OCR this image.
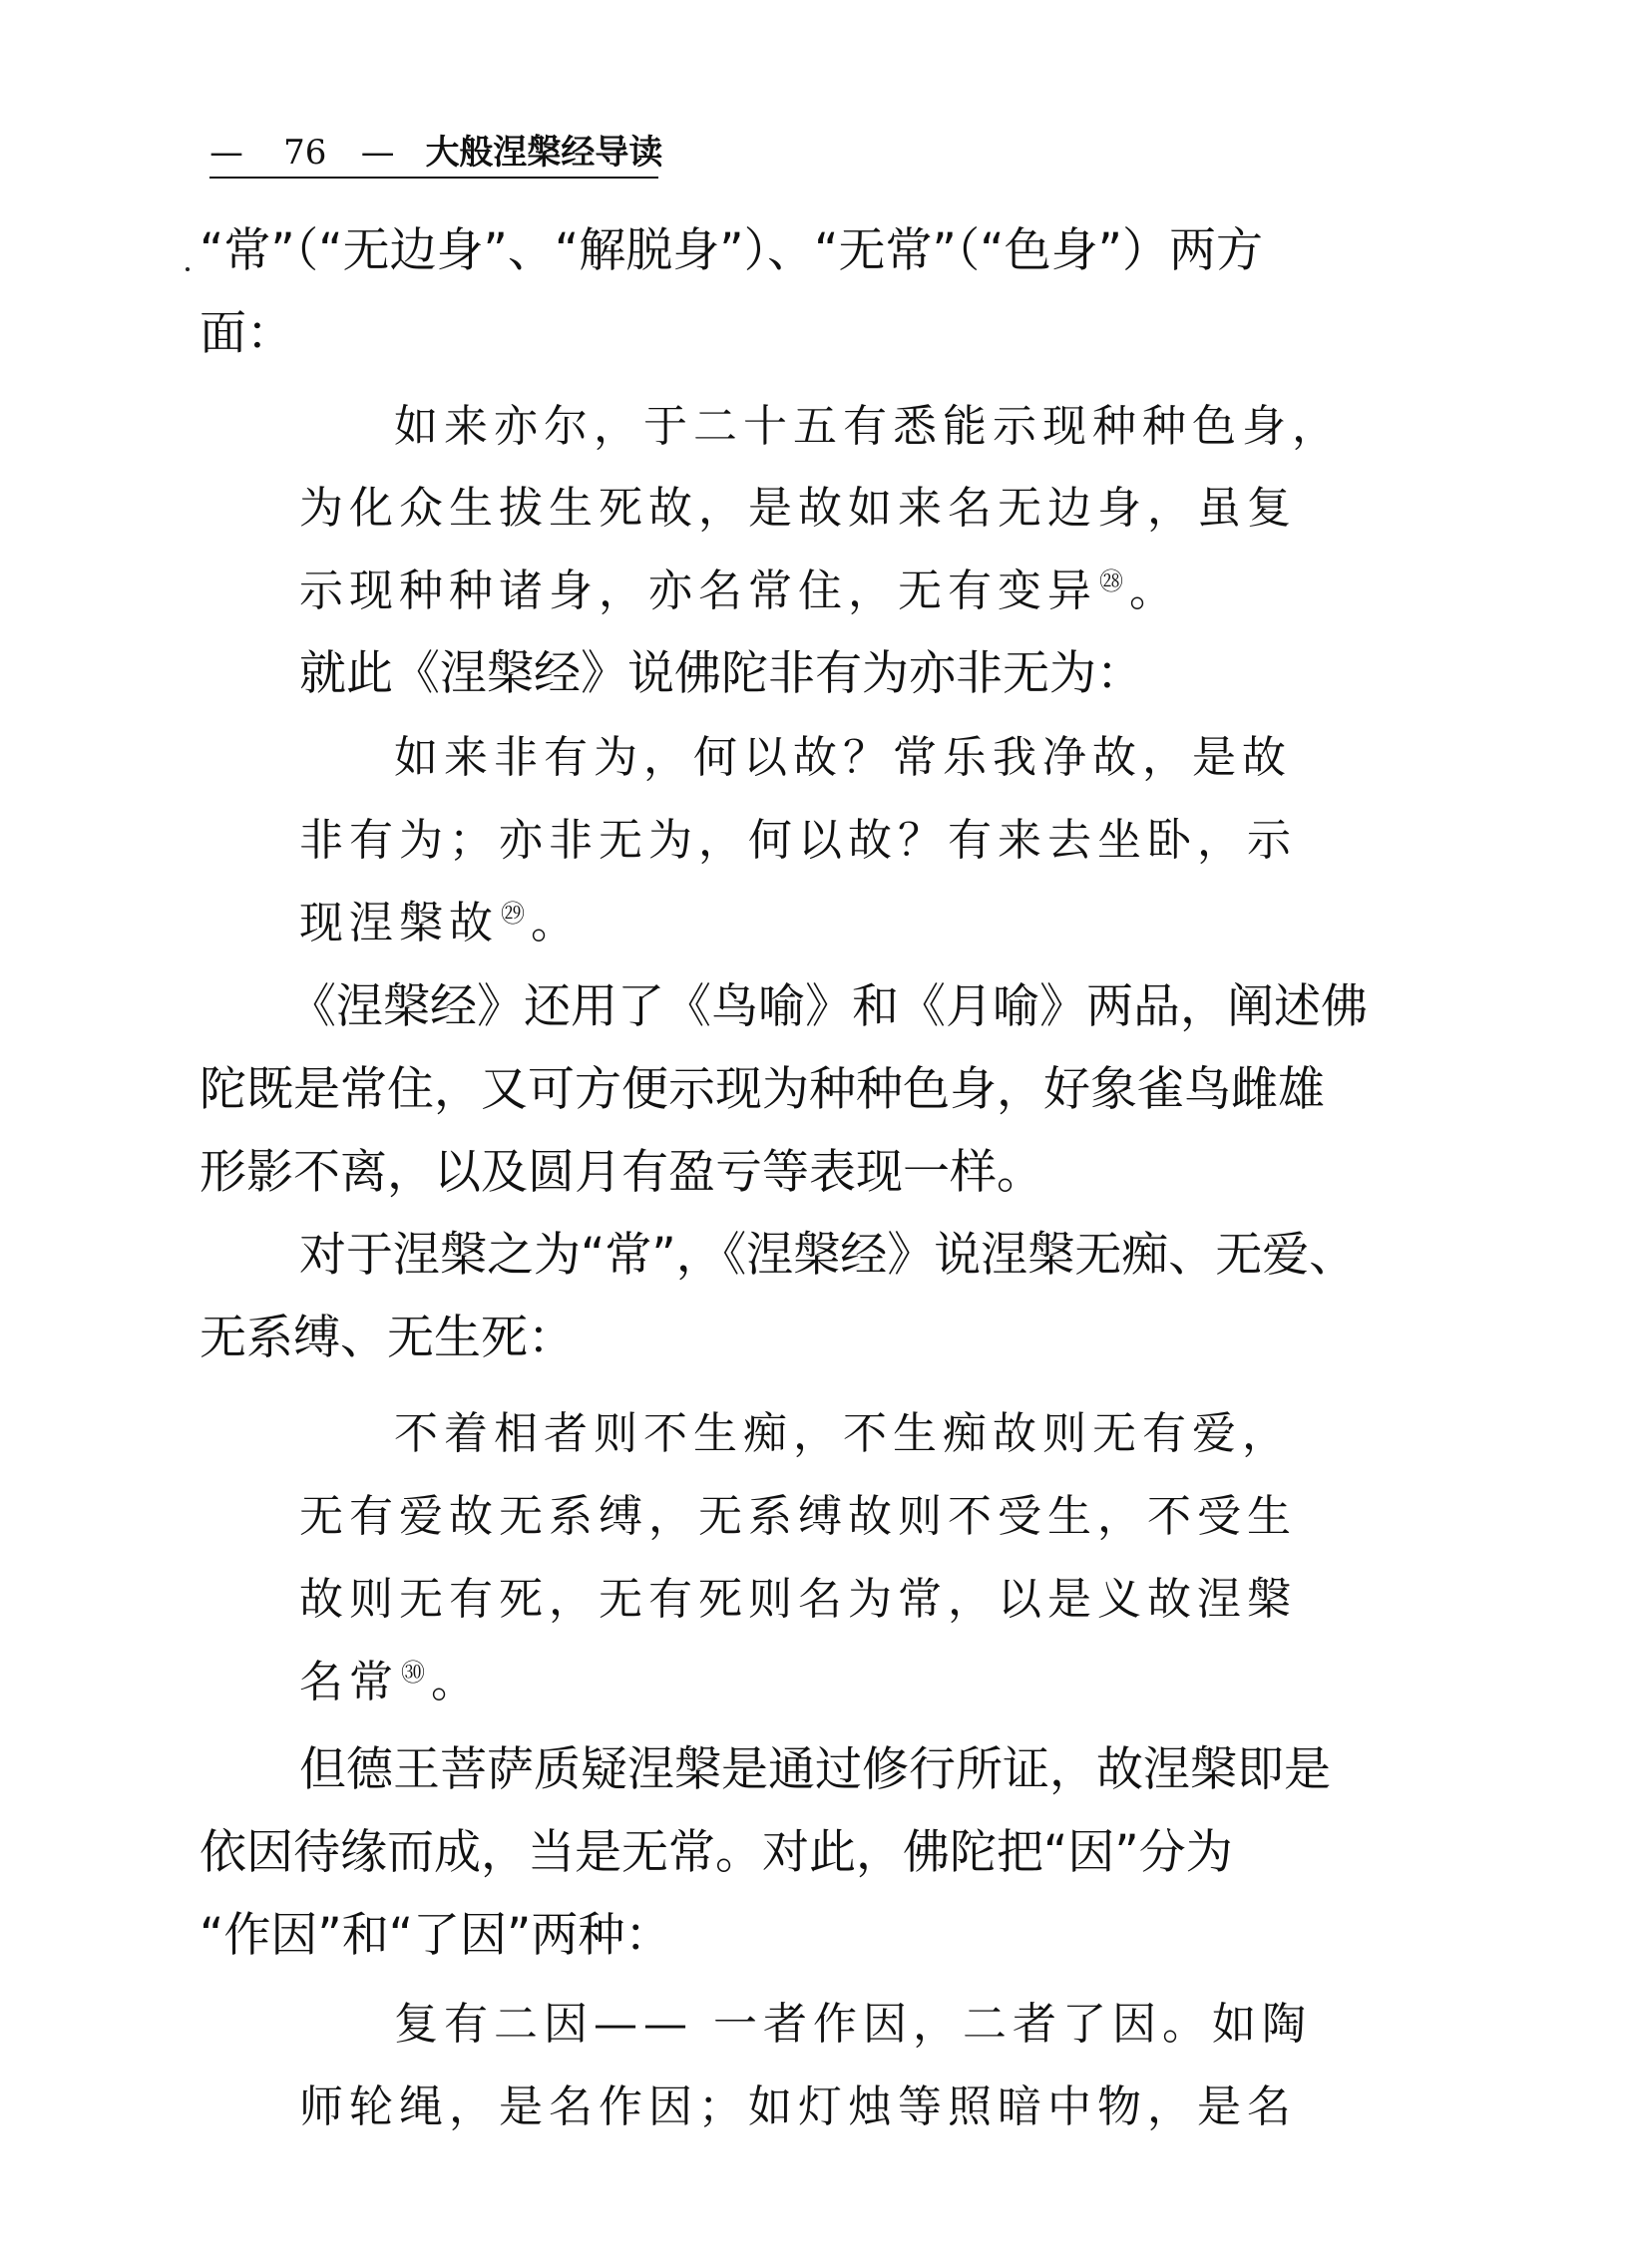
— 76 — 大般涅槃经导读
“常”（“无边身”、“解脱身”）、“无常”（“色身”）两方
面：
如来亦尔，于二十五有悉能示现种种色身，
为化众生拔生死故，是故如来名无边身，虽复
示现种种诸身，亦名常住，无有变异$^㉘$。
就此《涅槃经》说佛陀非有为亦非无为：
如来非有为，何以故？常乐我净故，是故
非有为；亦非无为，何以故？有来去坐卧，示
现涅槃故$^㉙$。
《涅槃经》还用了《鸟喻》和《月喻》两品，阐述佛
陀既是常住，又可方便示现为种种色身，好象雀鸟雌雄
形影不离，以及圆月有盈亏等表现一样。
对于涅槃之为“常”，《涅槃经》说涅槃无痴、无爱、
无系缚、无生死：
不着相者则不生痴，不生痴故则无有爱，
无有爱故无系缚，无系缚故则不受生，不受生
故则无有死，无有死则名为常，以是义故涅槃
名常$^㉚$。
但德王菩萨质疑涅槃是通过修行所证，故涅槃即是
依因待缘而成，当是无常。对此，佛陀把“因”分为
“作因”和“了因”两种：
复有二因—— 一者作因，二者了因。如陶
师轮绳，是名作因；如灯烛等照暗中物，是名
